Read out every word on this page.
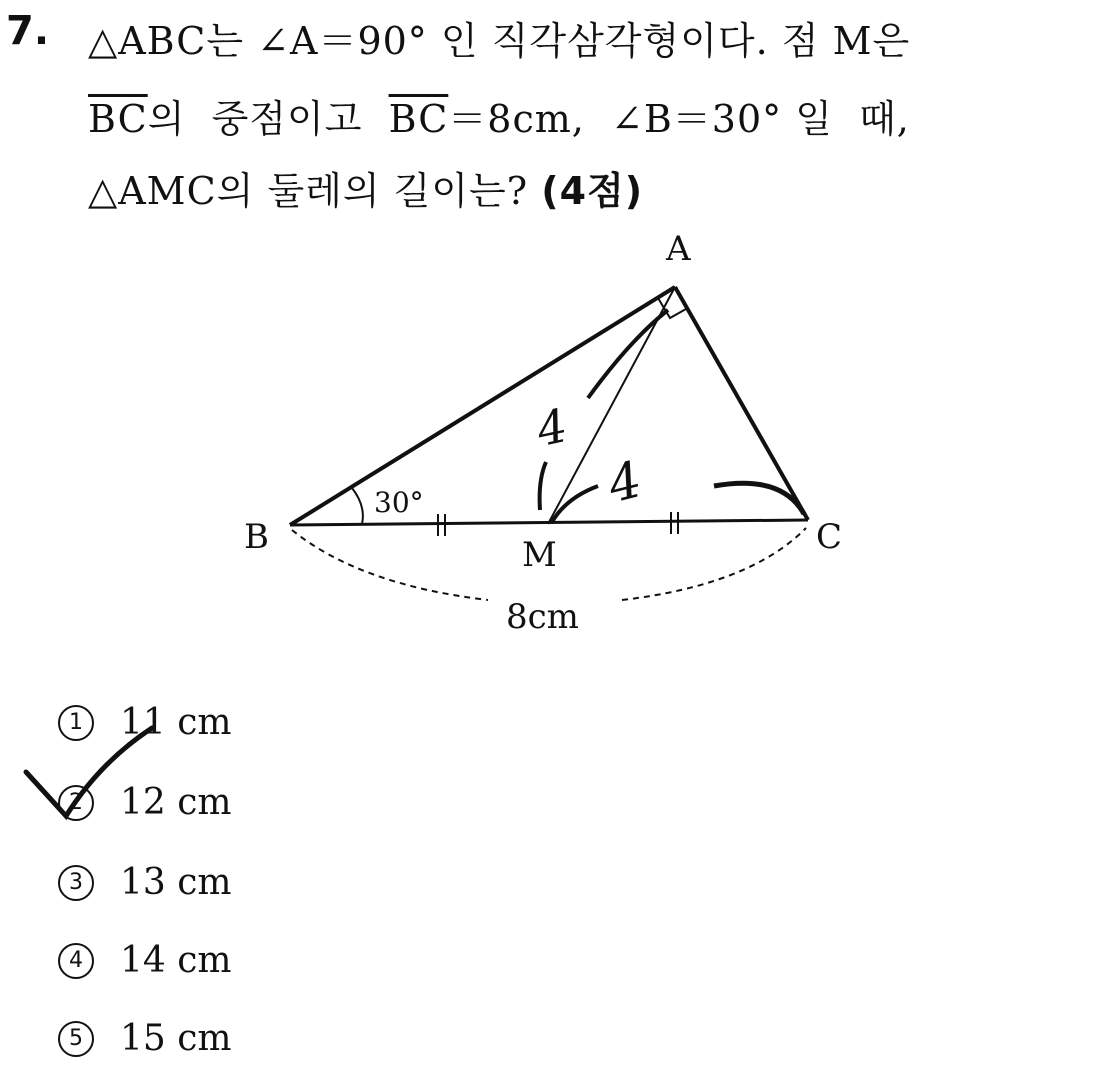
7. △ABC는 ∠A＝90° 인 직각삼각형이다. 점 M은
$\overline{BC}$의  중점이고  $\overline{BC}=8cm$,  ∠B＝30° 일  때,
△AMC의 둘레의 길이는? (4점)
A
B	C
M
30°
8cm
4
4
1	11 cm
2	12 cm
3	13 cm
4	14 cm
5	15 cm
